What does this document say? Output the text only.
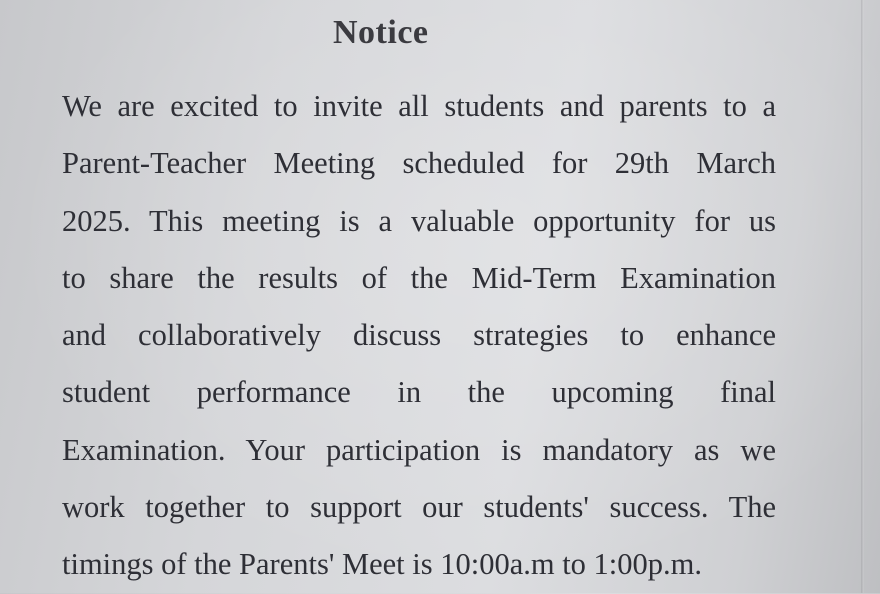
Notice
We are excited to invite all students and parents to a
Parent-Teacher Meeting scheduled for 29th March
2025. This meeting is a valuable opportunity for us
to share the results of the Mid-Term Examination
and collaboratively discuss strategies to enhance
student performance in the upcoming final
Examination. Your participation is mandatory as we
work together to support our students' success. The
timings of the Parents' Meet is 10:00a.m to 1:00p.m.
